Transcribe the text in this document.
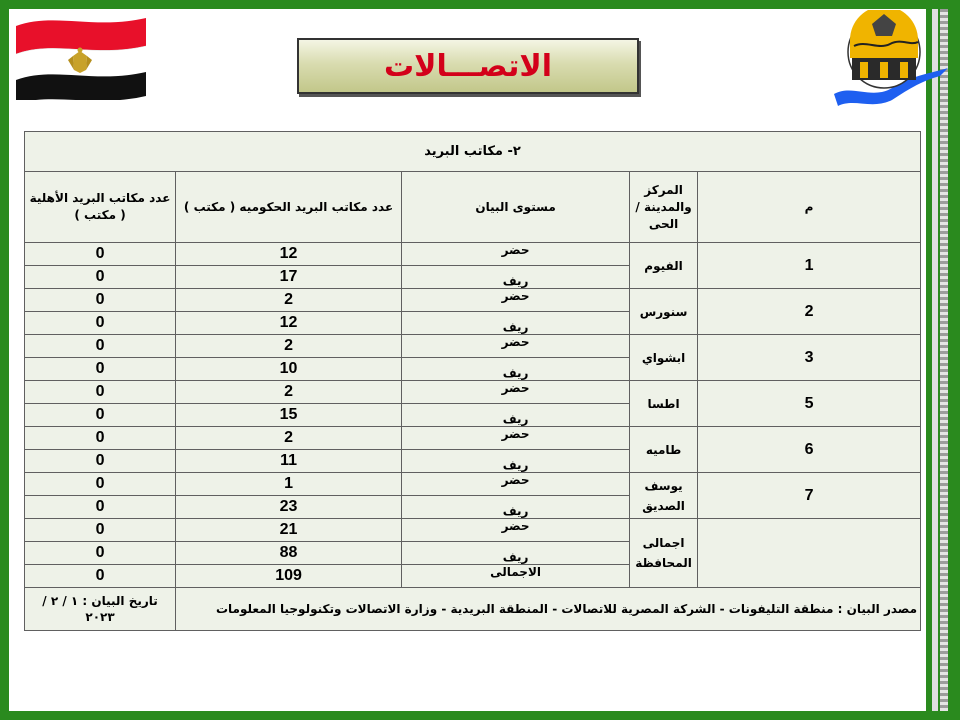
الاتصـــالات
٢- مكاتب البريد				
م	المركز والمدينة / الحى	مستوى البيان	عدد مكاتب البريد الحكوميه ( مكتب )	عدد مكاتب البريد الأهلية ( مكتب )
1	الفيوم	حضر	12	0
		ريف	17	0
2	سنورس	حضر	2	0
		ريف	12	0
3	ابشواي	حضر	2	0
		ريف	10	0
5	اطسا	حضر	2	0
		ريف	15	0
6	طاميه	حضر	2	0
		ريف	11	0
7	يوسف الصديق	حضر	1	0
		ريف	23	0
	اجمالى المحافظة	حضر	21	0
		ريف	88	0
		الاجمالى	109	0
مصدر البيان : منطقة التليفونات - الشركة المصرية للاتصالات - المنطقة البريدية - وزارة الاتصالات وتكنولوجيا المعلومات				تاريخ البيان : ١ / ٢ / ٢٠٢٣
